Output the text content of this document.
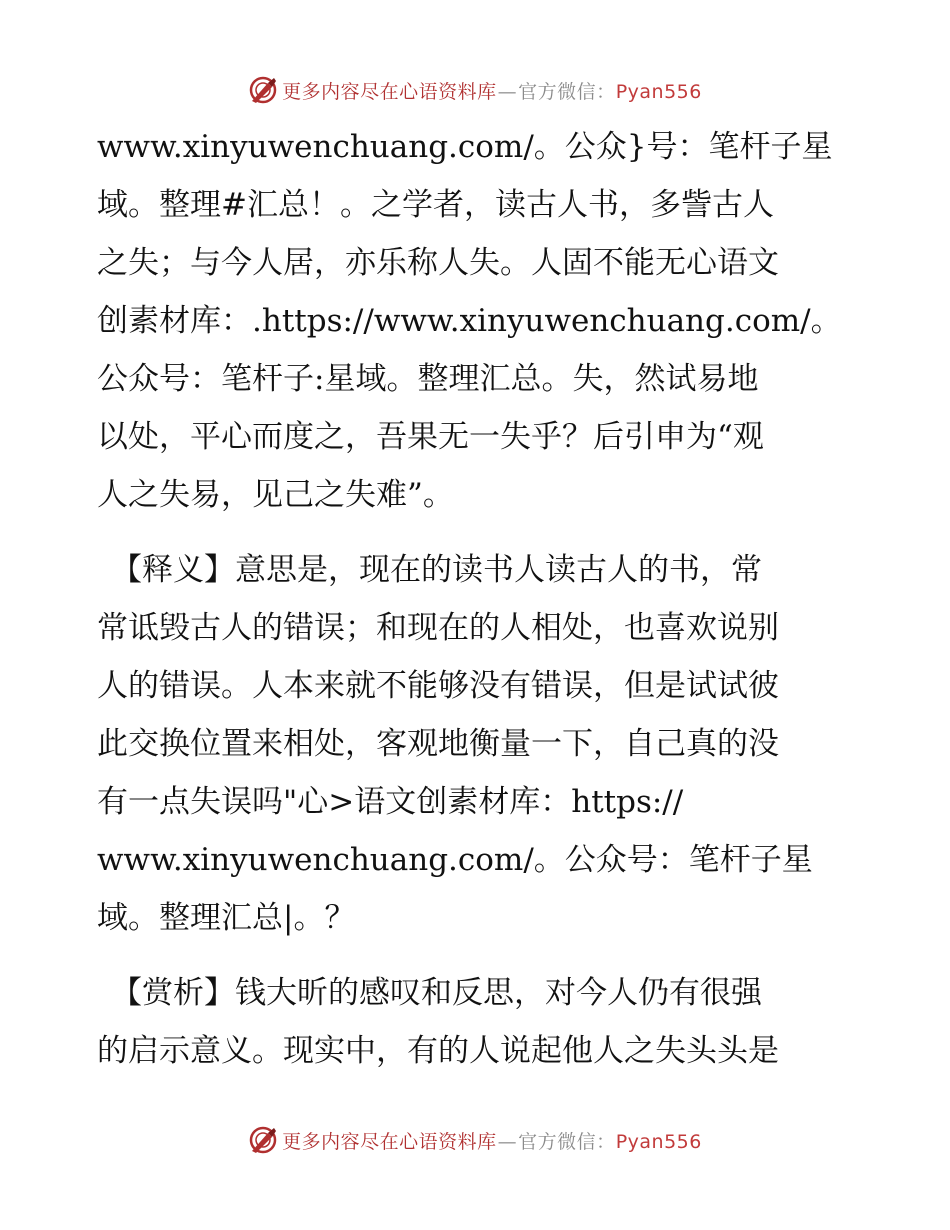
更多内容尽在心语资料库—官方微信：Pyan556
www.xinyuwenchuang.com/。公众}号：笔杆子星
域。整理#汇总！。之学者，读古人书，多訾古人
之失；与今人居，亦乐称人失。人固不能无心语文
创素材库：.https://www.xinyuwenchuang.com/。
公众号：笔杆子:星域。整理汇总。失，然试易地
以处，平心而度之，吾果无一失乎？后引申为“观
人之失易，见己之失难”。
【释义】意思是，现在的读书人读古人的书，常
常诋毁古人的错误；和现在的人相处，也喜欢说别
人的错误。人本来就不能够没有错误，但是试试彼
此交换位置来相处，客观地衡量一下，自己真的没
有一点失误吗"心>语文创素材库：https://
www.xinyuwenchuang.com/。公众号：笔杆子星
域。整理汇总|。？
【赏析】钱大昕的感叹和反思，对今人仍有很强
的启示意义。现实中，有的人说起他人之失头头是
更多内容尽在心语资料库—官方微信：Pyan556
